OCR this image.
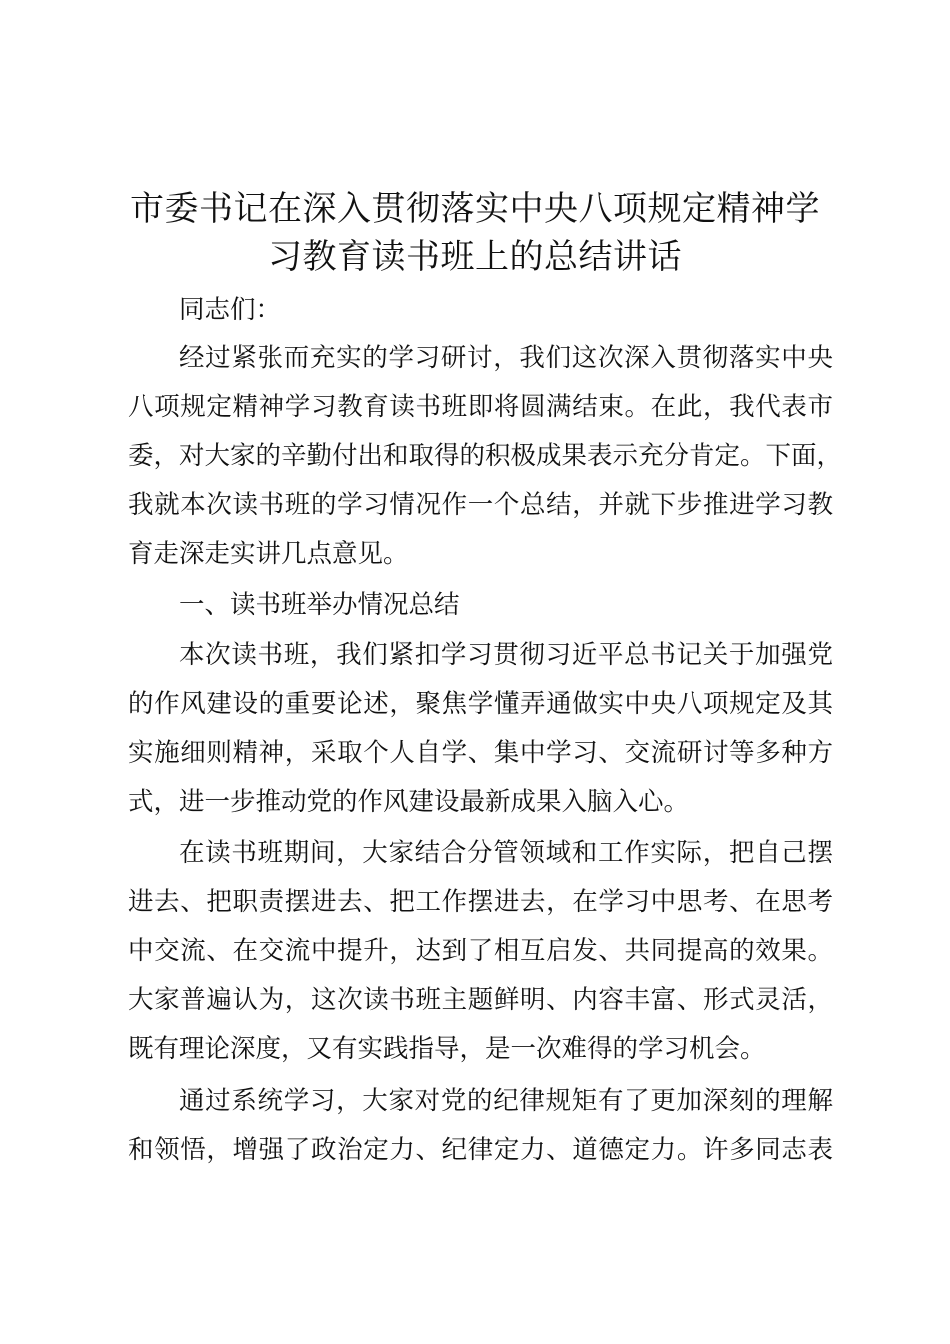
市委书记在深入贯彻落实中央八项规定精神学
习教育读书班上的总结讲话
同志们：
经过紧张而充实的学习研讨，我们这次深入贯彻落实中央
八项规定精神学习教育读书班即将圆满结束。在此，我代表市
委，对大家的辛勤付出和取得的积极成果表示充分肯定。下面，
我就本次读书班的学习情况作一个总结，并就下步推进学习教
育走深走实讲几点意见。
一、读书班举办情况总结
本次读书班，我们紧扣学习贯彻习近平总书记关于加强党
的作风建设的重要论述，聚焦学懂弄通做实中央八项规定及其
实施细则精神，采取个人自学、集中学习、交流研讨等多种方
式，进一步推动党的作风建设最新成果入脑入心。
在读书班期间，大家结合分管领域和工作实际，把自己摆
进去、把职责摆进去、把工作摆进去，在学习中思考、在思考
中交流、在交流中提升，达到了相互启发、共同提高的效果。
大家普遍认为，这次读书班主题鲜明、内容丰富、形式灵活，
既有理论深度，又有实践指导，是一次难得的学习机会。
通过系统学习，大家对党的纪律规矩有了更加深刻的理解
和领悟，增强了政治定力、纪律定力、道德定力。许多同志表
